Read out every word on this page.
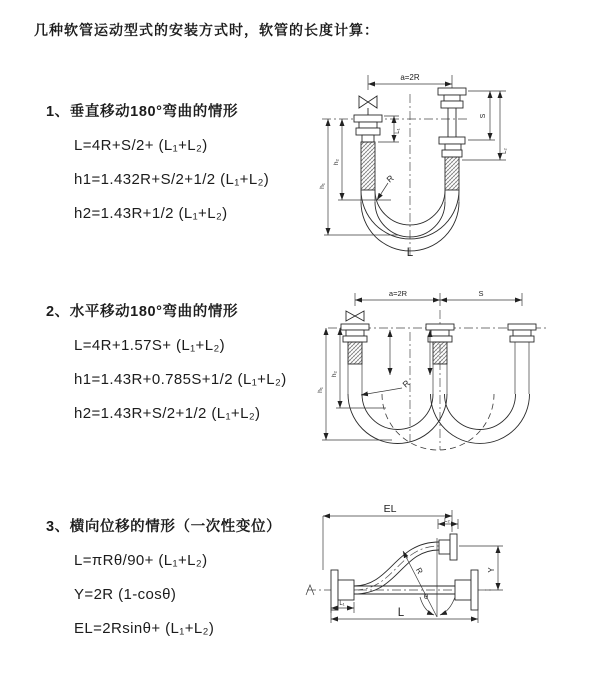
几种软管运动型式的安装方式时，软管的长度计算：

1、垂直移动180°弯曲的情形

L=4R+S/2+ (L₁+L₂)

h1=1.432R+S/2+1/2 (L₁+L₂)

h2=1.43R+1/2 (L₁+L₂)

a=2R
L₁
S
L₂
h₁
h₂
R
L

2、水平移动180°弯曲的情形

L=4R+1.57S+ (L₁+L₂)

h1=1.43R+0.785S+1/2 (L₁+L₂)

h2=1.43R+S/2+1/2 (L₁+L₂)

a=2R	S
h₁
h₂
R

3、横向位移的情形（一次性变位）

L=πRθ/90+ (L₁+L₂)

Y=2R (1-cosθ)

EL=2Rsinθ+ (L₁+L₂)

EL
L₂
R
θ
Y
L₁
L
